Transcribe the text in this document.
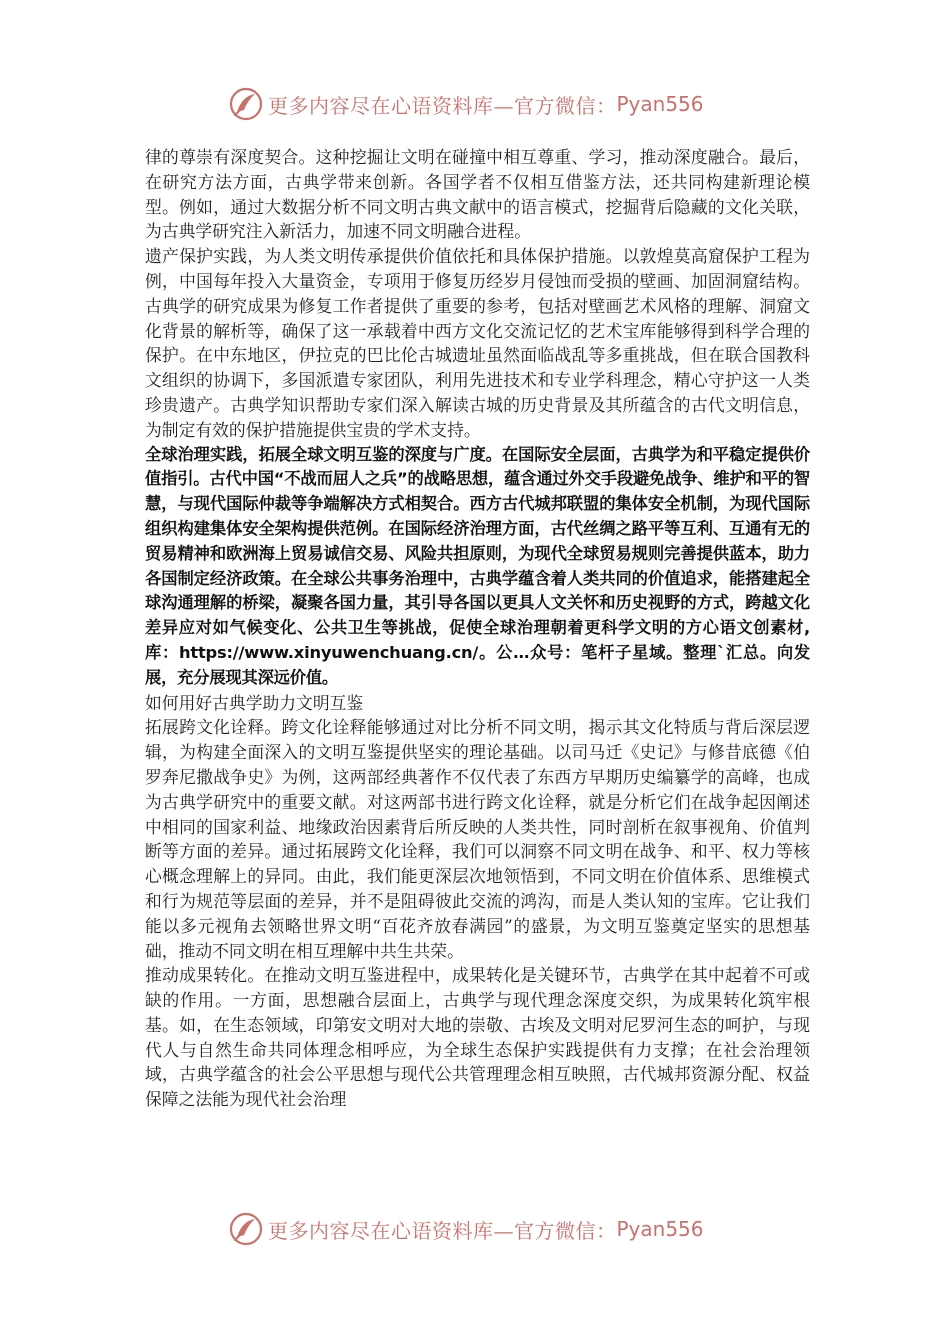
更多内容尽在心语资料库—官方微信： Pyan556

律的尊崇有深度契合。这种挖掘让文明在碰撞中相互尊重、学习，推动深度融合。最后，在研究方法方面，古典学带来创新。各国学者不仅相互借鉴方法，还共同构建新理论模型。例如，通过大数据分析不同文明古典文献中的语言模式，挖掘背后隐藏的文化关联，为古典学研究注入新活力，加速不同文明融合进程。

遗产保护实践，为人类文明传承提供价值依托和具体保护措施。以敦煌莫高窟保护工程为例，中国每年投入大量资金，专项用于修复历经岁月侵蚀而受损的壁画、加固洞窟结构。古典学的研究成果为修复工作者提供了重要的参考，包括对壁画艺术风格的理解、洞窟文化背景的解析等，确保了这一承载着中西方文化交流记忆的艺术宝库能够得到科学合理的保护。在中东地区，伊拉克的巴比伦古城遗址虽然面临战乱等多重挑战，但在联合国教科文组织的协调下，多国派遣专家团队，利用先进技术和专业学科理念，精心守护这一人类珍贵遗产。古典学知识帮助专家们深入解读古城的历史背景及其所蕴含的古代文明信息，为制定有效的保护措施提供宝贵的学术支持。

全球治理实践，拓展全球文明互鉴的深度与广度。在国际安全层面，古典学为和平稳定提供价值指引。古代中国“不战而屈人之兵”的战略思想，蕴含通过外交手段避免战争、维护和平的智慧，与现代国际仲裁等争端解决方式相契合。西方古代城邦联盟的集体安全机制，为现代国际组织构建集体安全架构提供范例。在国际经济治理方面，古代丝绸之路平等互利、互通有无的贸易精神和欧洲海上贸易诚信交易、风险共担原则，为现代全球贸易规则完善提供蓝本，助力各国制定经济政策。在全球公共事务治理中，古典学蕴含着人类共同的价值追求，能搭建起全球沟通理解的桥梁，凝聚各国力量，其引导各国以更具人文关怀和历史视野的方式，跨越文化差异应对如气候变化、公共卫生等挑战，促使全球治理朝着更科学文明的方心语文创素材,库：https://www.xinyuwenchuang.cn/。公…众号：笔杆子星域。整理`汇总。向发展，充分展现其深远价值。

如何用好古典学助力文明互鉴

拓展跨文化诠释。跨文化诠释能够通过对比分析不同文明，揭示其文化特质与背后深层逻辑，为构建全面深入的文明互鉴提供坚实的理论基础。以司马迁《史记》与修昔底德《伯罗奔尼撒战争史》为例，这两部经典著作不仅代表了东西方早期历史编纂学的高峰，也成为古典学研究中的重要文献。对这两部书进行跨文化诠释，就是分析它们在战争起因阐述中相同的国家利益、地缘政治因素背后所反映的人类共性，同时剖析在叙事视角、价值判断等方面的差异。通过拓展跨文化诠释，我们可以洞察不同文明在战争、和平、权力等核心概念理解上的异同。由此，我们能更深层次地领悟到，不同文明在价值体系、思维模式和行为规范等层面的差异，并不是阻碍彼此交流的鸿沟，而是人类认知的宝库。它让我们能以多元视角去领略世界文明“百花齐放春满园”的盛景，为文明互鉴奠定坚实的思想基础，推动不同文明在相互理解中共生共荣。

推动成果转化。在推动文明互鉴进程中，成果转化是关键环节，古典学在其中起着不可或缺的作用。一方面，思想融合层面上，古典学与现代理念深度交织，为成果转化筑牢根基。如，在生态领域，印第安文明对大地的崇敬、古埃及文明对尼罗河生态的呵护，与现代人与自然生命共同体理念相呼应，为全球生态保护实践提供有力支撑；在社会治理领域，古典学蕴含的社会公平思想与现代公共管理理念相互映照，古代城邦资源分配、权益保障之法能为现代社会治理

更多内容尽在心语资料库—官方微信： Pyan556
